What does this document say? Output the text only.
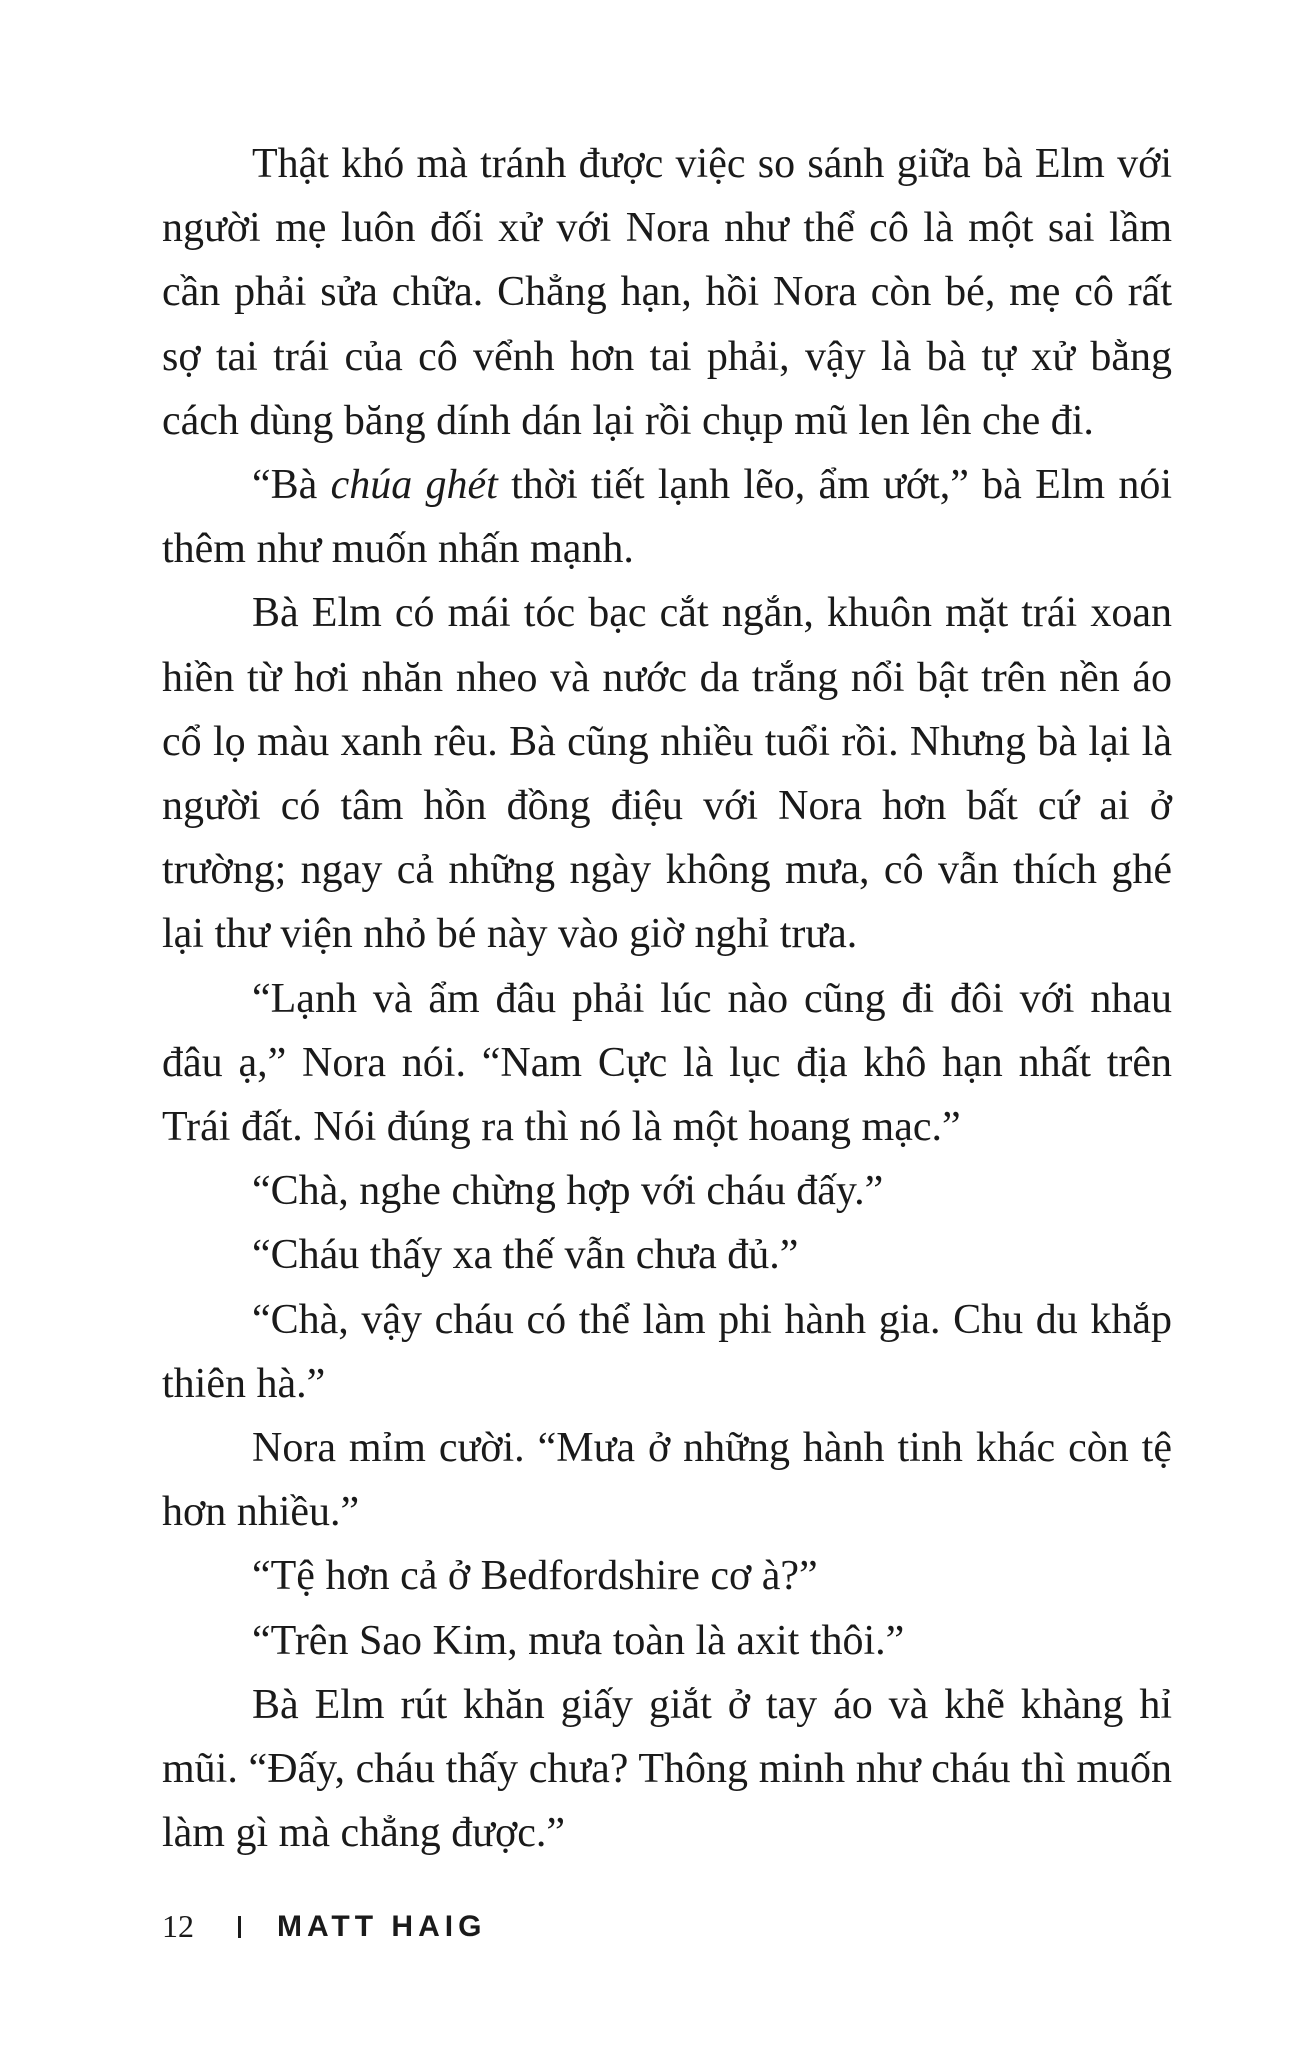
Thật khó mà tránh được việc so sánh giữa bà Elm với người mẹ luôn đối xử với Nora như thể cô là một sai lầm cần phải sửa chữa. Chẳng hạn, hồi Nora còn bé, mẹ cô rất sợ tai trái của cô vểnh hơn tai phải, vậy là bà tự xử bằng cách dùng băng dính dán lại rồi chụp mũ len lên che đi.

“Bà chúa ghét thời tiết lạnh lẽo, ẩm ướt,” bà Elm nói thêm như muốn nhấn mạnh.

Bà Elm có mái tóc bạc cắt ngắn, khuôn mặt trái xoan hiền từ hơi nhăn nheo và nước da trắng nổi bật trên nền áo cổ lọ màu xanh rêu. Bà cũng nhiều tuổi rồi. Nhưng bà lại là người có tâm hồn đồng điệu với Nora hơn bất cứ ai ở trường; ngay cả những ngày không mưa, cô vẫn thích ghé lại thư viện nhỏ bé này vào giờ nghỉ trưa.

“Lạnh và ẩm đâu phải lúc nào cũng đi đôi với nhau đâu ạ,” Nora nói. “Nam Cực là lục địa khô hạn nhất trên Trái đất. Nói đúng ra thì nó là một hoang mạc.”

“Chà, nghe chừng hợp với cháu đấy.”

“Cháu thấy xa thế vẫn chưa đủ.”

“Chà, vậy cháu có thể làm phi hành gia. Chu du khắp thiên hà.”

Nora mỉm cười. “Mưa ở những hành tinh khác còn tệ hơn nhiều.”

“Tệ hơn cả ở Bedfordshire cơ à?”

“Trên Sao Kim, mưa toàn là axit thôi.”

Bà Elm rút khăn giấy giắt ở tay áo và khẽ khàng hỉ mũi. “Đấy, cháu thấy chưa? Thông minh như cháu thì muốn làm gì mà chẳng được.”

12	MATT HAIG
